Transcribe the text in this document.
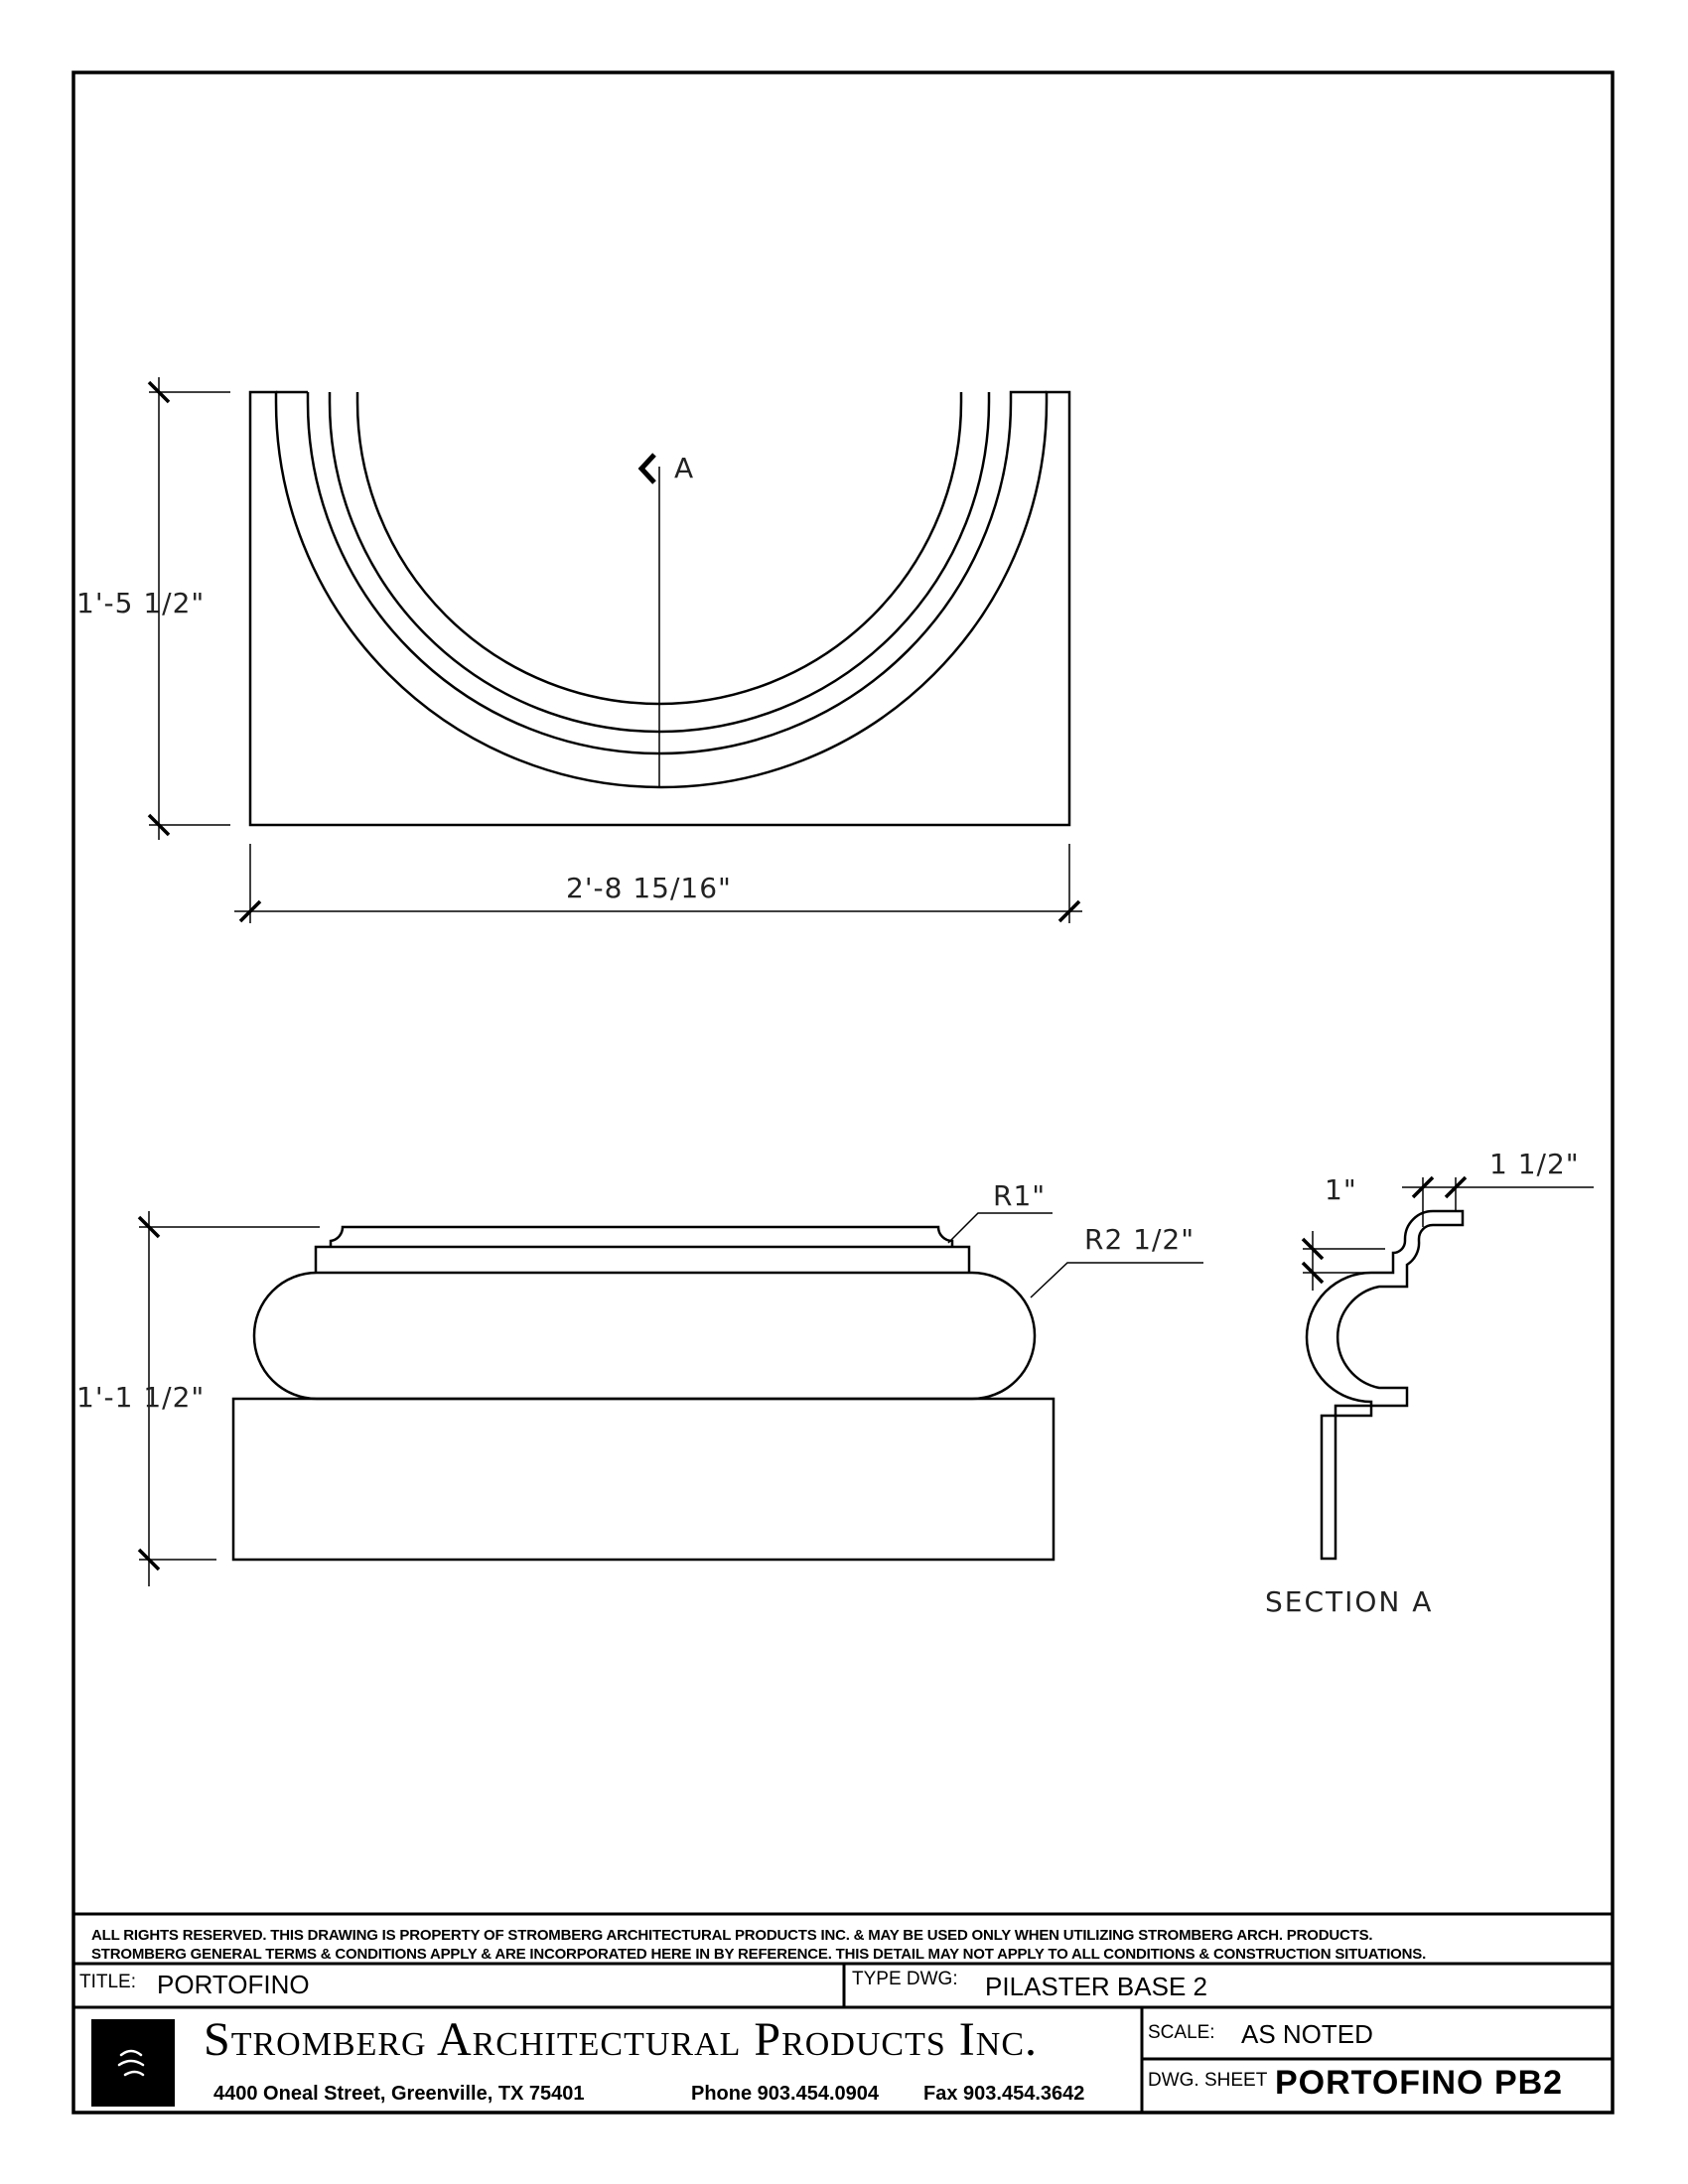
1'-5 1/2"
2'-8 15/16"
A
1'-1 1/2"
R1"
R2 1/2"
1"
1 1/2"
SECTION A
ALL RIGHTS RESERVED. THIS DRAWING IS PROPERTY OF STROMBERG ARCHITECTURAL PRODUCTS INC. & MAY BE USED ONLY WHEN UTILIZING STROMBERG ARCH. PRODUCTS.
STROMBERG GENERAL TERMS & CONDITIONS APPLY & ARE INCORPORATED HERE IN BY REFERENCE. THIS DETAIL MAY NOT APPLY TO ALL CONDITIONS & CONSTRUCTION SITUATIONS.
TITLE: PORTOFINO	TYPE DWG: PILASTER BASE 2
Stromberg Architectural Products Inc.
4400 Oneal Street, Greenville, TX 75401	Phone 903.454.0904 Fax 903.454.3642
SCALE: AS NOTED
DWG. SHEET PORTOFINO PB2
